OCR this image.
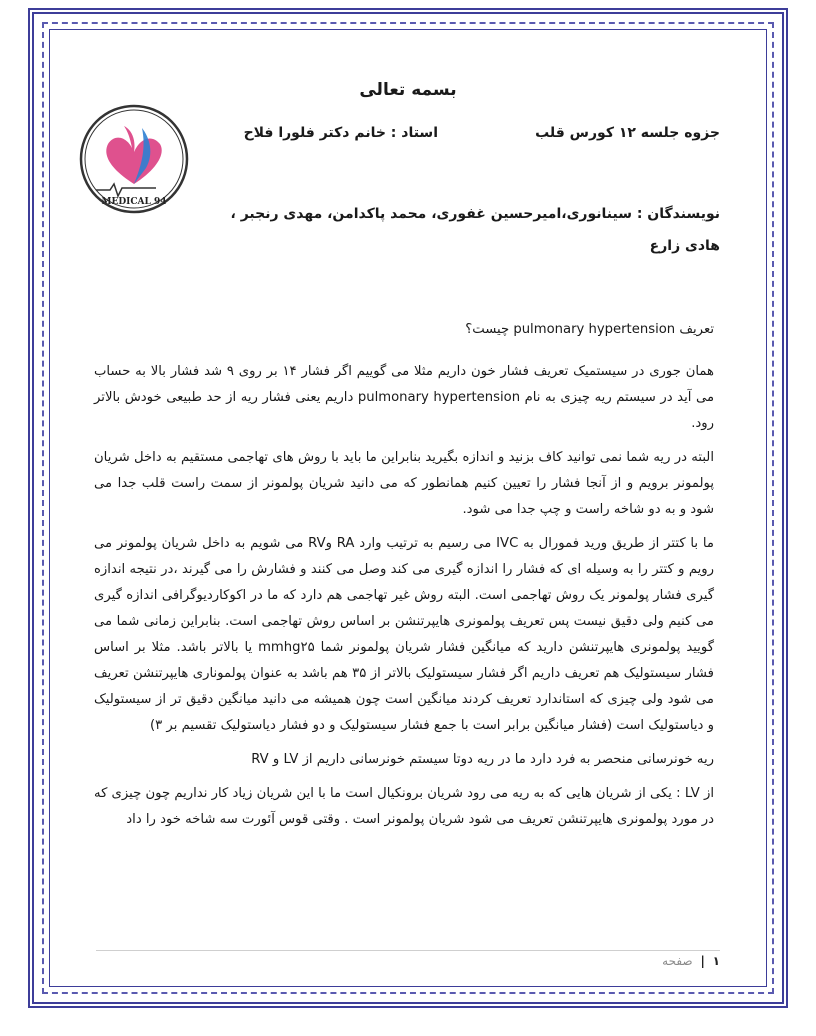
بسمه تعالی
جزوه جلسه ۱۲ کورس قلب
استاد : خانم دکتر فلورا فلاح
نویسندگان : سینانوری،امیرحسین غفوری، محمد پاکدامن، مهدی رنجبر ،
هادی زارع
MEDICAL 94

تعریف pulmonary hypertension چیست؟

همان جوری در سیستمیک تعریف فشار خون داریم مثلا می گوییم اگر فشار ۱۴ بر روی ۹ شد فشار بالا به حساب می آید در سیستم ریه چیزی به نام pulmonary hypertension داریم یعنی فشار ریه از حد طبیعی خودش بالاتر رود.

البته در ریه شما نمی توانید کاف بزنید و اندازه بگیرید بنابراین ما باید با روش های تهاجمی مستقیم به داخل شریان پولمونر برویم و از آنجا فشار را تعیین کنیم همانطور که می دانید شریان پولمونر از سمت راست قلب جدا می شود و به دو شاخه راست و چپ جدا می شود.

ما با کتتر از طریق ورید فمورال به IVC می رسیم به ترتیب وارد RA وRV می شویم به داخل شریان پولمونر می رویم و کتتر را به وسیله ای که فشار را اندازه گیری می کند وصل می کنند و فشارش را می گیرند ،در نتیجه اندازه گیری فشار پولمونر یک روش تهاجمی است. البته روش غیر تهاجمی هم دارد که ما در اکوکاردیوگرافی اندازه گیری می کنیم ولی دقیق نیست پس تعریف پولمونری هایپرتنشن بر اساس روش تهاجمی است. بنابراین زمانی شما می گویید پولمونری هایپرتنشن دارید که میانگین فشار شریان پولمونر شما mmhg۲۵ یا بالاتر باشد. مثلا بر اساس فشار سیستولیک هم تعریف داریم اگر فشار سیستولیک بالاتر از ۳۵ هم باشد به عنوان پولموناری هایپرتنشن تعریف می شود ولی چیزی که استاندارد تعریف کردند میانگین است چون همیشه می دانید میانگین دقیق تر از سیستولیک و دیاستولیک است (فشار میانگین برابر است با جمع فشار سیستولیک و دو فشار دیاستولیک تقسیم بر ۳)

ریه خونرسانی منحصر به فرد دارد ما در ریه دوتا سیستم خونرسانی داریم از LV و RV

از LV : یکی از شریان هایی که به ریه می رود شریان برونکیال است ما با این شریان زیاد کار نداریم چون چیزی که در مورد پولمونری هایپرتنشن تعریف می شود شریان پولمونر است . وقتی قوس آئورت سه شاخه خود را داد

۱ | صفحه
